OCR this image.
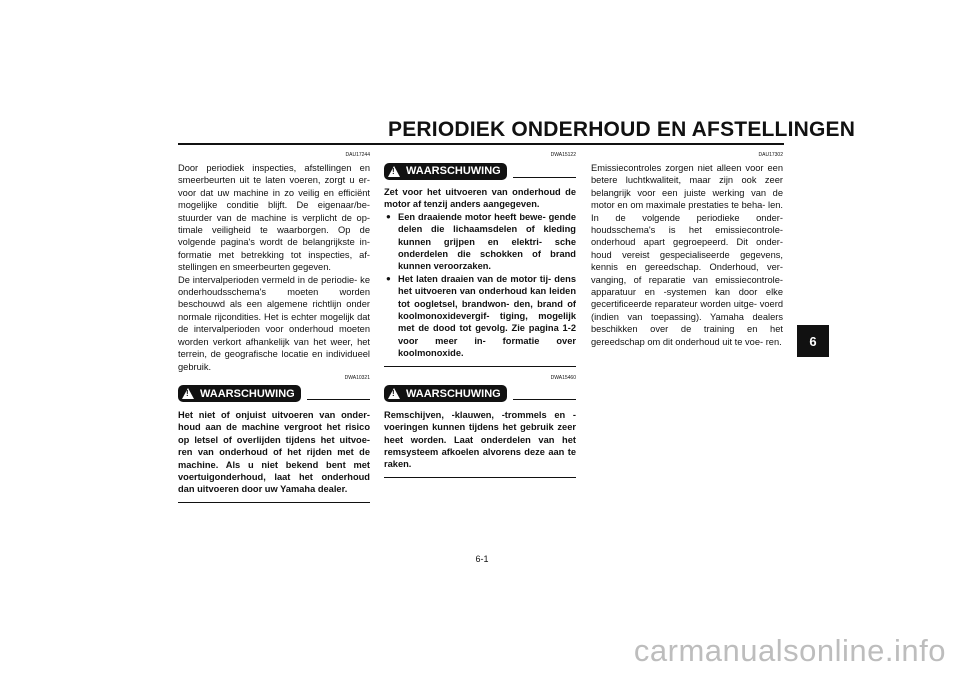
PERIODIEK ONDERHOUD EN AFSTELLINGEN
DAU17244

Door periodiek inspecties, afstellingen en smeerbeurten uit te laten voeren, zorgt u er- voor dat uw machine in zo veilig en efficiënt mogelijke conditie blijft. De eigenaar/be- stuurder van de machine is verplicht de op- timale veiligheid te waarborgen. Op de volgende pagina's wordt de belangrijkste in- formatie met betrekking tot inspecties, af- stellingen en smeerbeurten gegeven.

De intervalperioden vermeld in de periodie- ke onderhoudsschema's moeten worden beschouwd als een algemene richtlijn onder normale rijcondities. Het is echter mogelijk dat de intervalperioden voor onderhoud moeten worden verkort afhankelijk van het weer, het terrein, de geografische locatie en individueel gebruik.

DWA10321
! WAARSCHUWING

Het niet of onjuist uitvoeren van onder- houd aan de machine vergroot het risico op letsel of overlijden tijdens het uitvoe- ren van onderhoud of het rijden met de machine. Als u niet bekend bent met voertuigonderhoud, laat het onderhoud dan uitvoeren door uw Yamaha dealer.

DWA15122
! WAARSCHUWING

Zet voor het uitvoeren van onderhoud de motor af tenzij anders aangegeven.

● Een draaiende motor heeft bewe- gende delen die lichaamsdelen of kleding kunnen grijpen en elektri- sche onderdelen die schokken of brand kunnen veroorzaken.
● Het laten draaien van de motor tij- dens het uitvoeren van onderhoud kan leiden tot oogletsel, brandwon- den, brand of koolmonoxidevergif- tiging, mogelijk met de dood tot gevolg. Zie pagina 1-2 voor meer in- formatie over koolmonoxide.
DWA15460
! WAARSCHUWING

Remschijven, -klauwen, -trommels en -voeringen kunnen tijdens het gebruik zeer heet worden. Laat onderdelen van het remsysteem afkoelen alvorens deze aan te raken.

DAU17302

Emissiecontroles zorgen niet alleen voor een betere luchtkwaliteit, maar zijn ook zeer belangrijk voor een juiste werking van de motor en om maximale prestaties te beha- len. In de volgende periodieke onder- houdsschema's is het emissiecontrole- onderhoud apart gegroepeerd. Dit onder- houd vereist gespecialiseerde gegevens, kennis en gereedschap. Onderhoud, ver- vanging, of reparatie van emissiecontrole- apparatuur en -systemen kan door elke gecertificeerde reparateur worden uitge- voerd (indien van toepassing). Yamaha dealers beschikken over de training en het gereedschap om dit onderhoud uit te voe- ren.	6
6-1
carmanualsonline.info
